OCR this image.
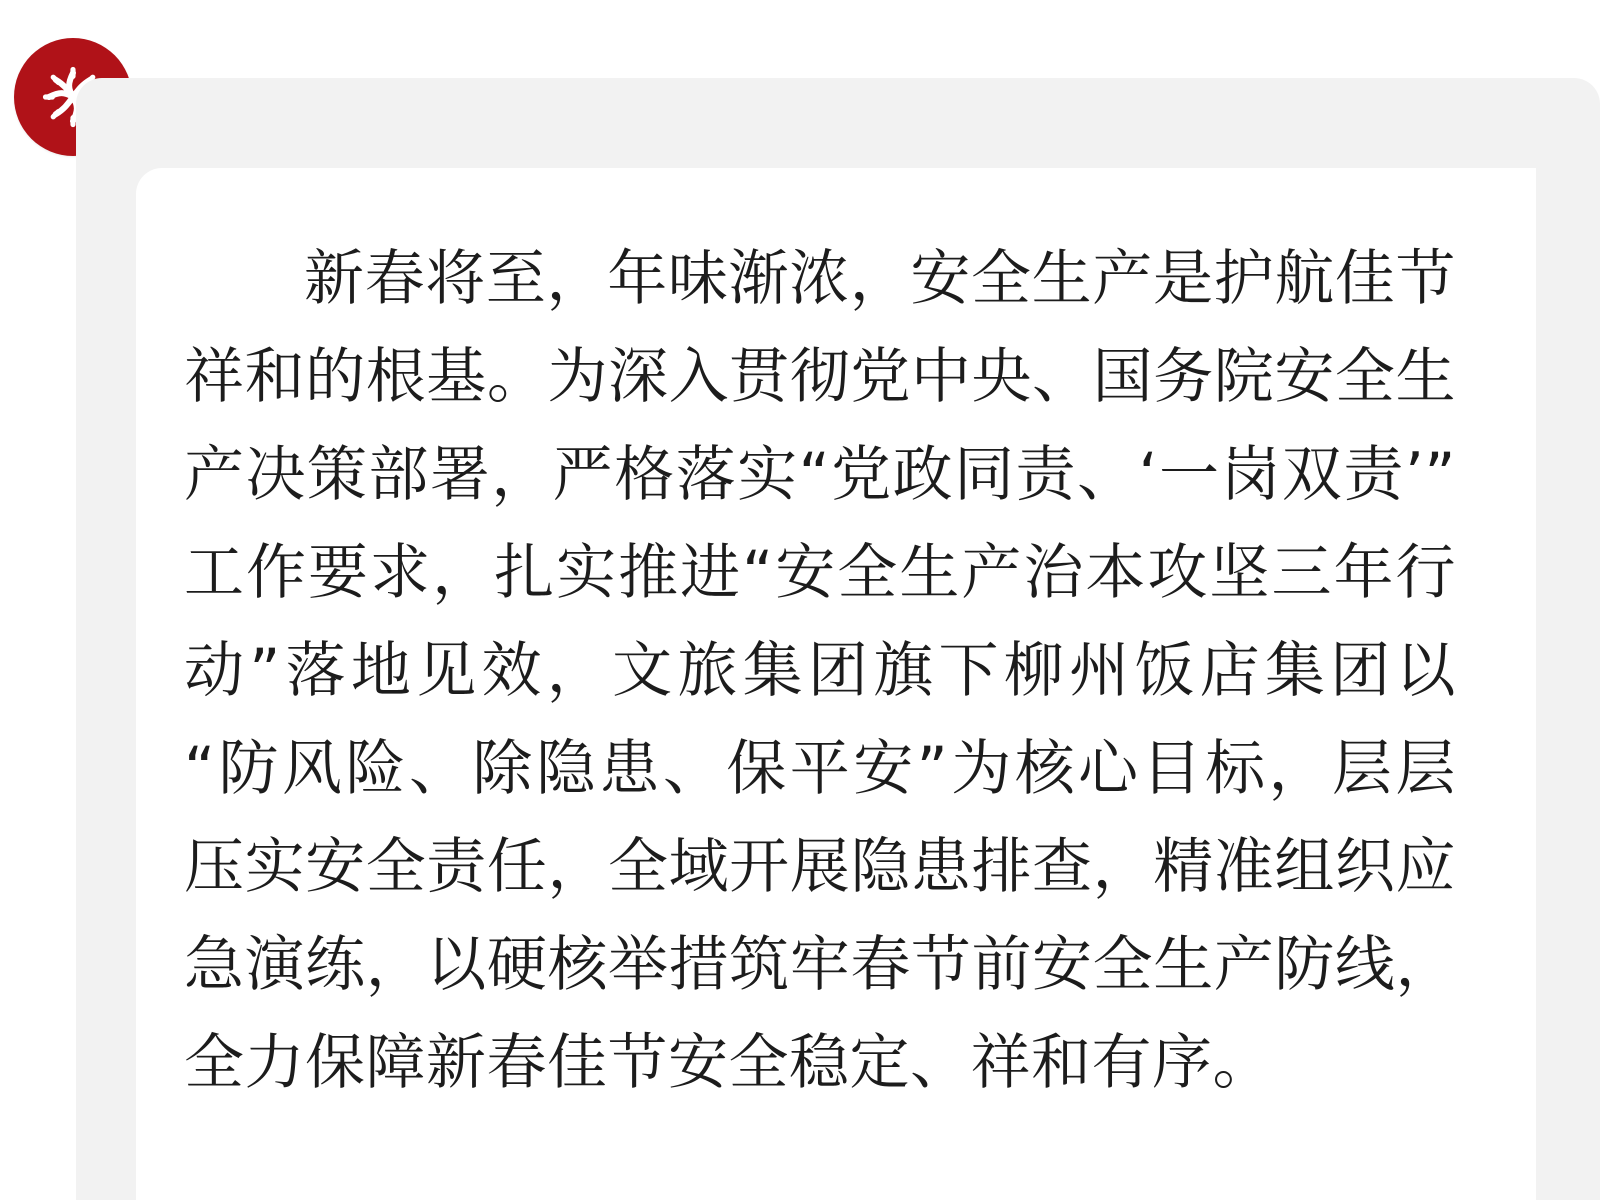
新春将至，年味渐浓，安全生产是护航佳节祥和的根基。为深入贯彻党中央、国务院安全生产决策部署，严格落实“党政同责、‘一岗双责’”工作要求，扎实推进“安全生产治本攻坚三年行动”落地见效，文旅集团旗下柳州饭店集团以“防风险、除隐患、保平安”为核心目标，层层压实安全责任，全域开展隐患排查，精准组织应急演练，以硬核举措筑牢春节前安全生产防线，全力保障新春佳节安全稳定、祥和有序。
